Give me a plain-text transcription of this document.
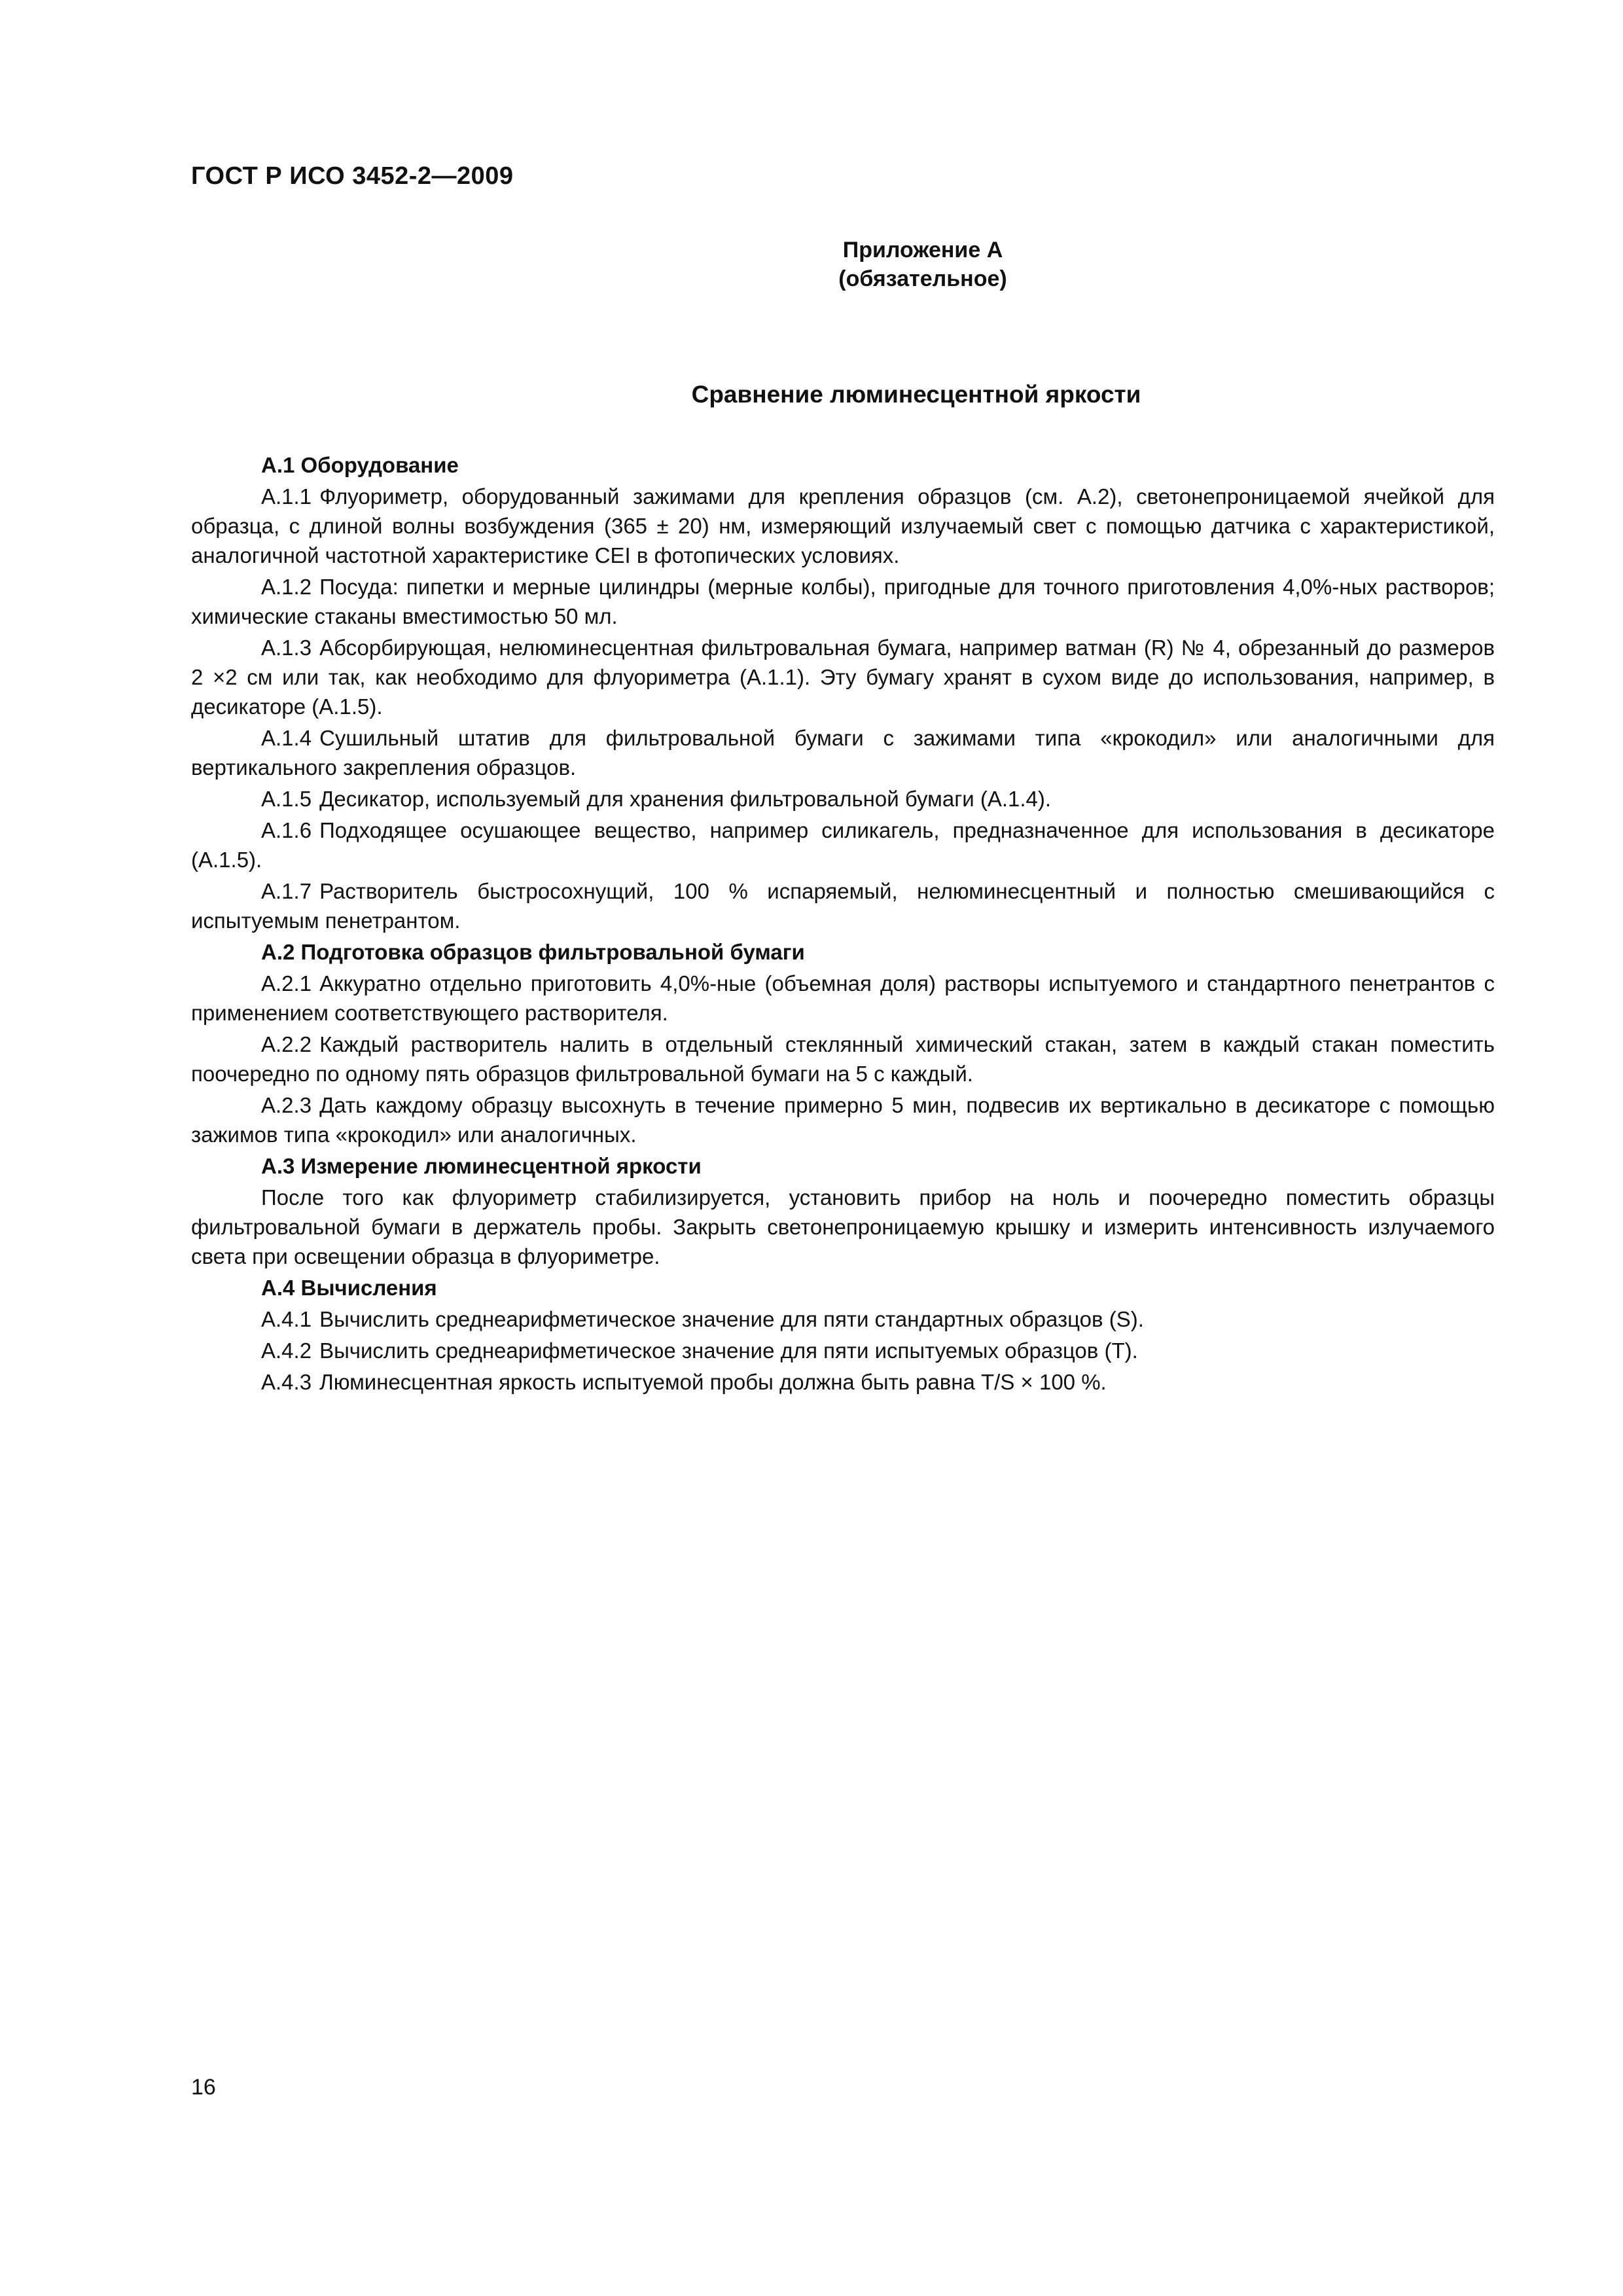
ГОСТ Р ИСО 3452-2—2009
Приложение А
(обязательное)
Сравнение люминесцентной яркости
А.1 Оборудование

А.1.1 Флуориметр, оборудованный зажимами для крепления образцов (см. А.2), светонепроницаемой ячейкой для образца, с длиной волны возбуждения (365 ± 20) нм, измеряющий излучаемый свет с помощью датчика с характеристикой, аналогичной частотной характеристике CEI в фотопических условиях.

А.1.2 Посуда: пипетки и мерные цилиндры (мерные колбы), пригодные для точного приготовления 4,0%-ных растворов; химические стаканы вместимостью 50 мл.

А.1.3 Абсорбирующая, нелюминесцентная фильтровальная бумага, например ватман (R) № 4, обрезанный до размеров 2 ×2 см или так, как необходимо для флуориметра (А.1.1). Эту бумагу хранят в сухом виде до использования, например, в десикаторе (А.1.5).

А.1.4 Сушильный штатив для фильтровальной бумаги с зажимами типа «крокодил» или аналогичными для вертикального закрепления образцов.

А.1.5 Десикатор, используемый для хранения фильтровальной бумаги (А.1.4).

А.1.6 Подходящее осушающее вещество, например силикагель, предназначенное для использования в десикаторе (А.1.5).

А.1.7 Растворитель быстросохнущий, 100 % испаряемый, нелюминесцентный и полностью смешивающийся с испытуемым пенетрантом.

А.2 Подготовка образцов фильтровальной бумаги

А.2.1 Аккуратно отдельно приготовить 4,0%-ные (объемная доля) растворы испытуемого и стандартного пенетрантов с применением соответствующего растворителя.

А.2.2 Каждый растворитель налить в отдельный стеклянный химический стакан, затем в каждый стакан поместить поочередно по одному пять образцов фильтровальной бумаги на 5 с каждый.

А.2.3 Дать каждому образцу высохнуть в течение примерно 5 мин, подвесив их вертикально в десикаторе с помощью зажимов типа «крокодил» или аналогичных.

А.3 Измерение люминесцентной яркости

После того как флуориметр стабилизируется, установить прибор на ноль и поочередно поместить образцы фильтровальной бумаги в держатель пробы. Закрыть светонепроницаемую крышку и измерить интенсивность излучаемого света при освещении образца в флуориметре.

А.4 Вычисления

А.4.1 Вычислить среднеарифметическое значение для пяти стандартных образцов (S).

А.4.2 Вычислить среднеарифметическое значение для пяти испытуемых образцов (Т).

А.4.3 Люминесцентная яркость испытуемой пробы должна быть равна T/S × 100 %.

16
